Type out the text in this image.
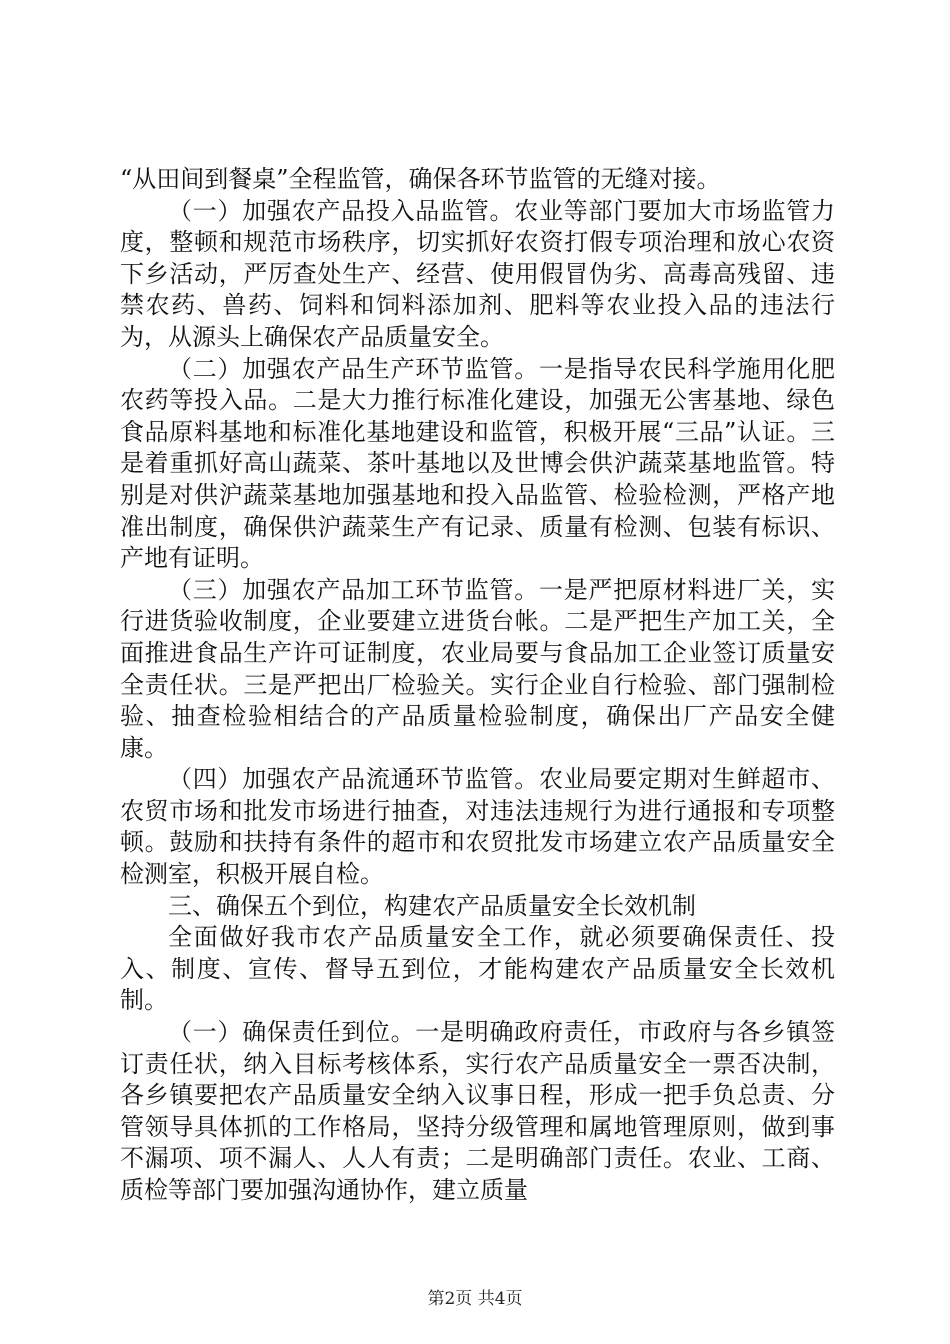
“从田间到餐桌”全程监管，确保各环节监管的无缝对接。

（一）加强农产品投入品监管。农业等部门要加大市场监管力度，整顿和规范市场秩序，切实抓好农资打假专项治理和放心农资下乡活动，严厉查处生产、经营、使用假冒伪劣、高毒高残留、违禁农药、兽药、饲料和饲料添加剂、肥料等农业投入品的违法行为，从源头上确保农产品质量安全。

（二）加强农产品生产环节监管。一是指导农民科学施用化肥农药等投入品。二是大力推行标准化建设，加强无公害基地、绿色食品原料基地和标准化基地建设和监管，积极开展“三品”认证。三是着重抓好高山蔬菜、茶叶基地以及世博会供沪蔬菜基地监管。特别是对供沪蔬菜基地加强基地和投入品监管、检验检测，严格产地准出制度，确保供沪蔬菜生产有记录、质量有检测、包装有标识、产地有证明。

（三）加强农产品加工环节监管。一是严把原材料进厂关，实行进货验收制度，企业要建立进货台帐。二是严把生产加工关，全面推进食品生产许可证制度，农业局要与食品加工企业签订质量安全责任状。三是严把出厂检验关。实行企业自行检验、部门强制检验、抽查检验相结合的产品质量检验制度，确保出厂产品安全健康。

（四）加强农产品流通环节监管。农业局要定期对生鲜超市、农贸市场和批发市场进行抽查，对违法违规行为进行通报和专项整顿。鼓励和扶持有条件的超市和农贸批发市场建立农产品质量安全检测室，积极开展自检。

三、确保五个到位，构建农产品质量安全长效机制

全面做好我市农产品质量安全工作，就必须要确保责任、投入、制度、宣传、督导五到位，才能构建农产品质量安全长效机制。

（一）确保责任到位。一是明确政府责任，市政府与各乡镇签订责任状，纳入目标考核体系，实行农产品质量安全一票否决制，各乡镇要把农产品质量安全纳入议事日程，形成一把手负总责、分管领导具体抓的工作格局，坚持分级管理和属地管理原则，做到事不漏项、项不漏人、人人有责；二是明确部门责任。农业、工商、质检等部门要加强沟通协作，建立质量

第2页 共4页
